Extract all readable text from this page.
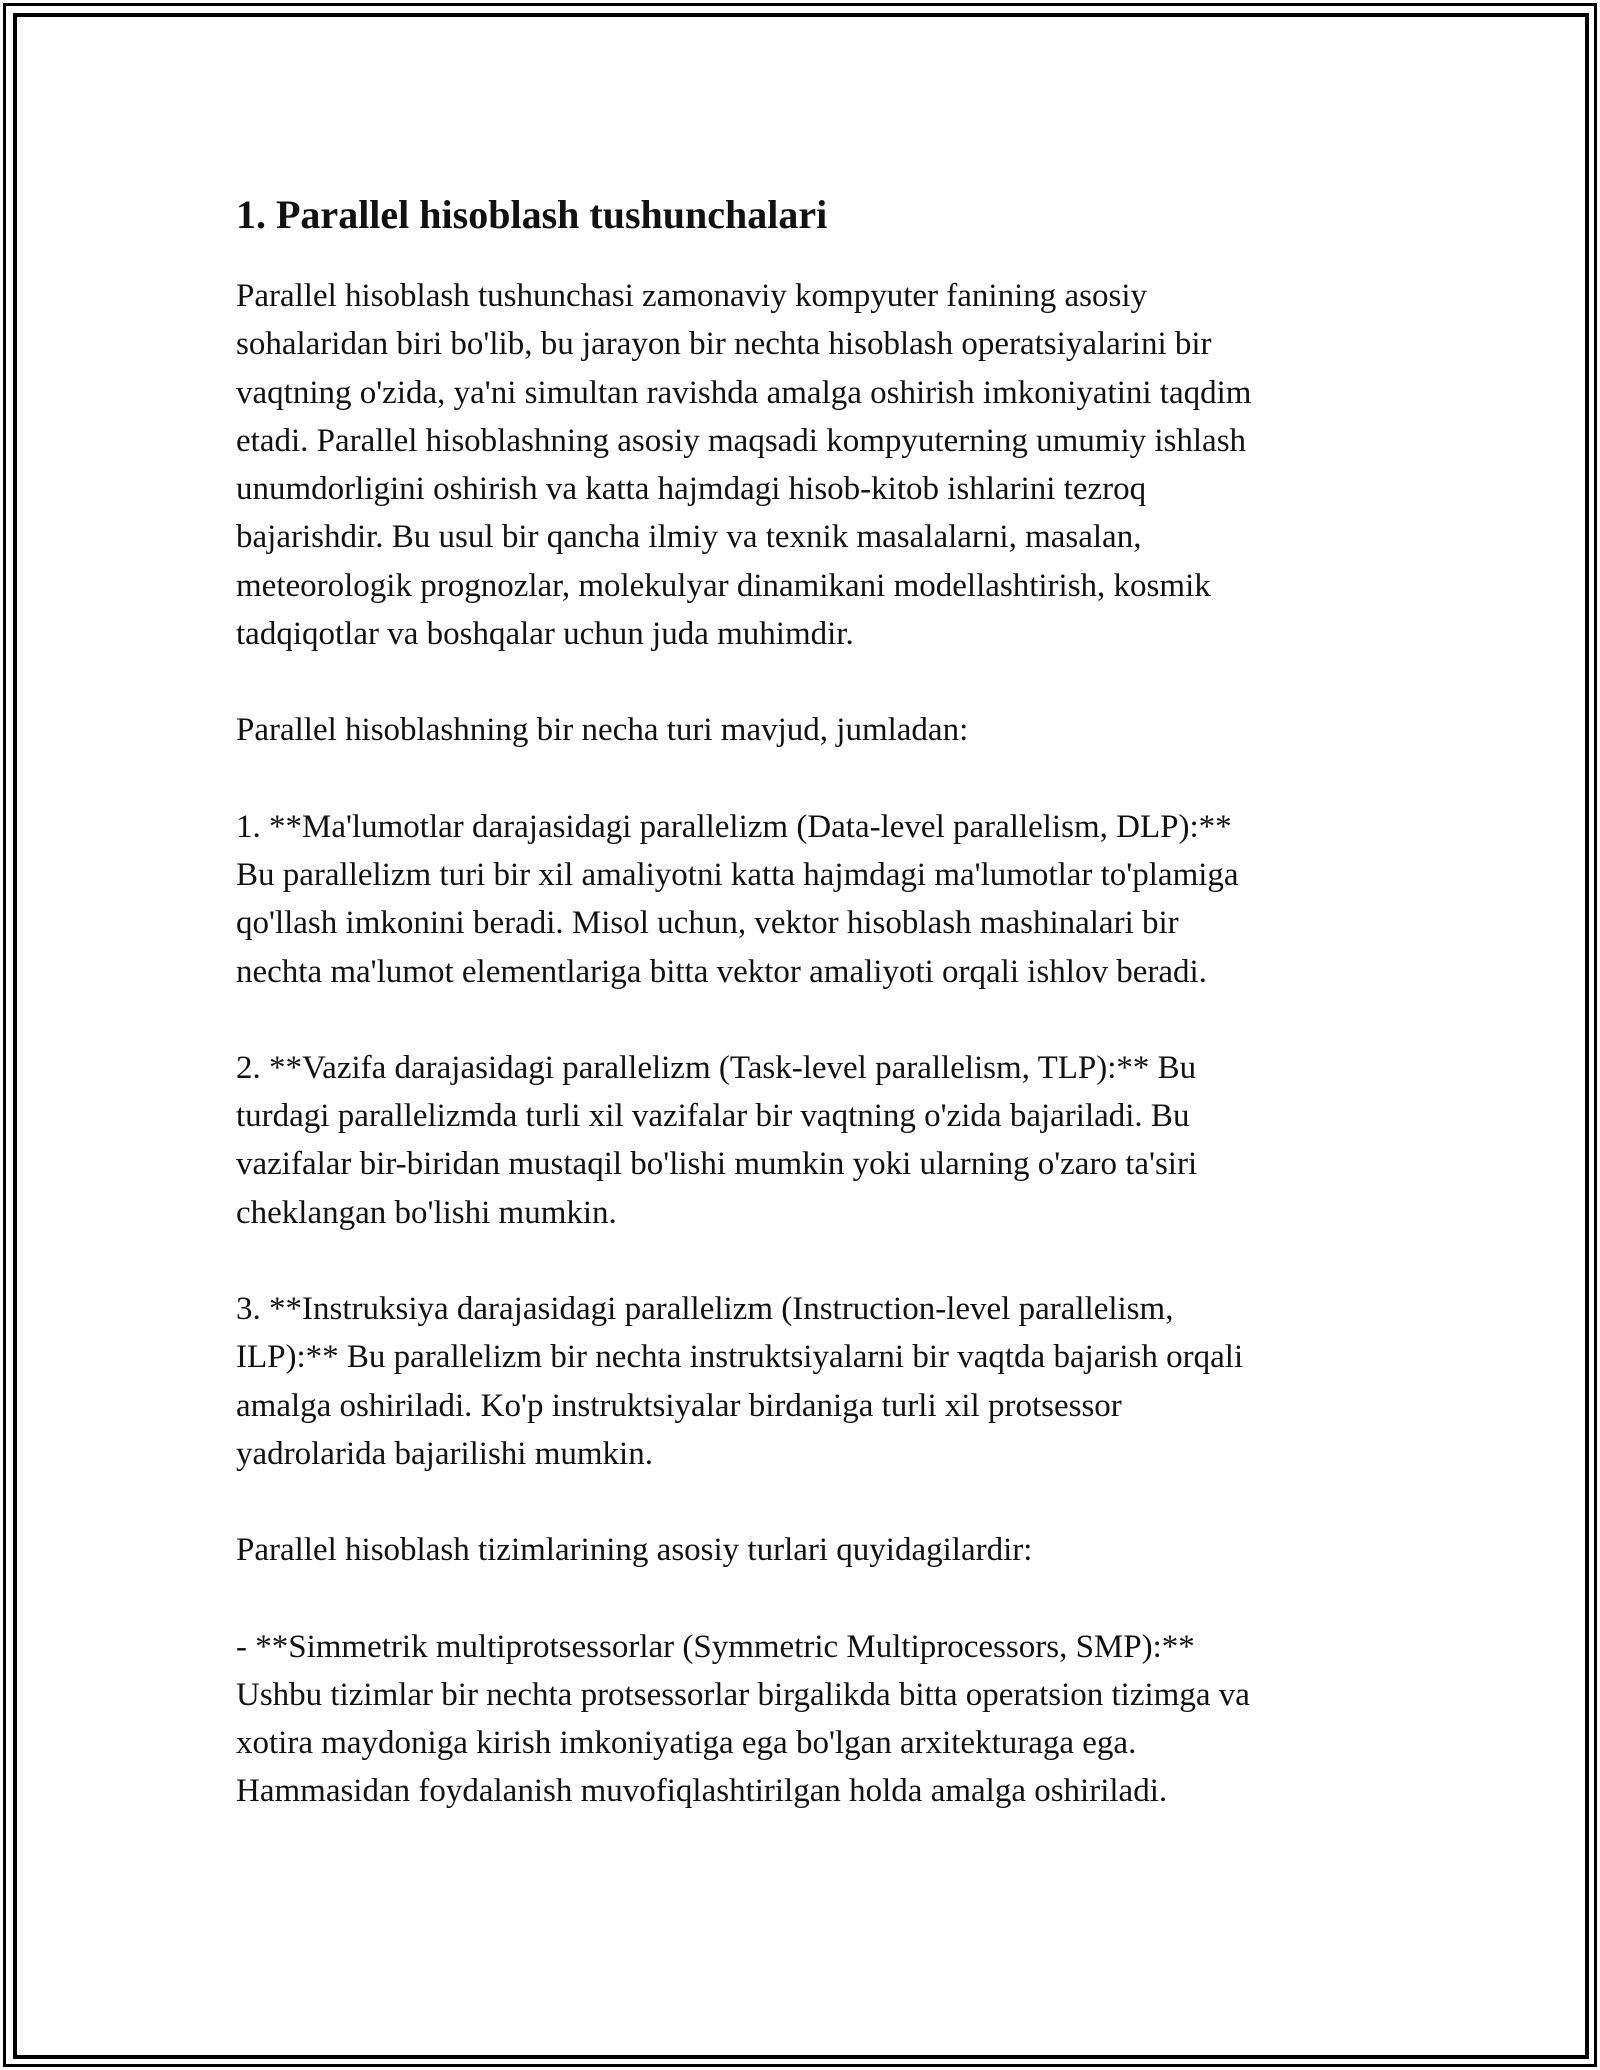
1. Parallel hisoblash tushunchalari

Parallel hisoblash tushunchasi zamonaviy kompyuter fanining asosiy
sohalaridan biri bo'lib, bu jarayon bir nechta hisoblash operatsiyalarini bir
vaqtning o'zida, ya'ni simultan ravishda amalga oshirish imkoniyatini taqdim
etadi. Parallel hisoblashning asosiy maqsadi kompyuterning umumiy ishlash
unumdorligini oshirish va katta hajmdagi hisob-kitob ishlarini tezroq
bajarishdir. Bu usul bir qancha ilmiy va texnik masalalarni, masalan,
meteorologik prognozlar, molekulyar dinamikani modellashtirish, kosmik
tadqiqotlar va boshqalar uchun juda muhimdir.

Parallel hisoblashning bir necha turi mavjud, jumladan:

1. **Ma'lumotlar darajasidagi parallelizm (Data-level parallelism, DLP):**
Bu parallelizm turi bir xil amaliyotni katta hajmdagi ma'lumotlar to'plamiga
qo'llash imkonini beradi. Misol uchun, vektor hisoblash mashinalari bir
nechta ma'lumot elementlariga bitta vektor amaliyoti orqali ishlov beradi.

2. **Vazifa darajasidagi parallelizm (Task-level parallelism, TLP):** Bu
turdagi parallelizmda turli xil vazifalar bir vaqtning o'zida bajariladi. Bu
vazifalar bir-biridan mustaqil bo'lishi mumkin yoki ularning o'zaro ta'siri
cheklangan bo'lishi mumkin.

3. **Instruksiya darajasidagi parallelizm (Instruction-level parallelism,
ILP):** Bu parallelizm bir nechta instruktsiyalarni bir vaqtda bajarish orqali
amalga oshiriladi. Ko'p instruktsiyalar birdaniga turli xil protsessor
yadrolarida bajarilishi mumkin.

Parallel hisoblash tizimlarining asosiy turlari quyidagilardir:

- **Simmetrik multiprotsessorlar (Symmetric Multiprocessors, SMP):**
Ushbu tizimlar bir nechta protsessorlar birgalikda bitta operatsion tizimga va
xotira maydoniga kirish imkoniyatiga ega bo'lgan arxitekturaga ega.
Hammasidan foydalanish muvofiqlashtirilgan holda amalga oshiriladi.
